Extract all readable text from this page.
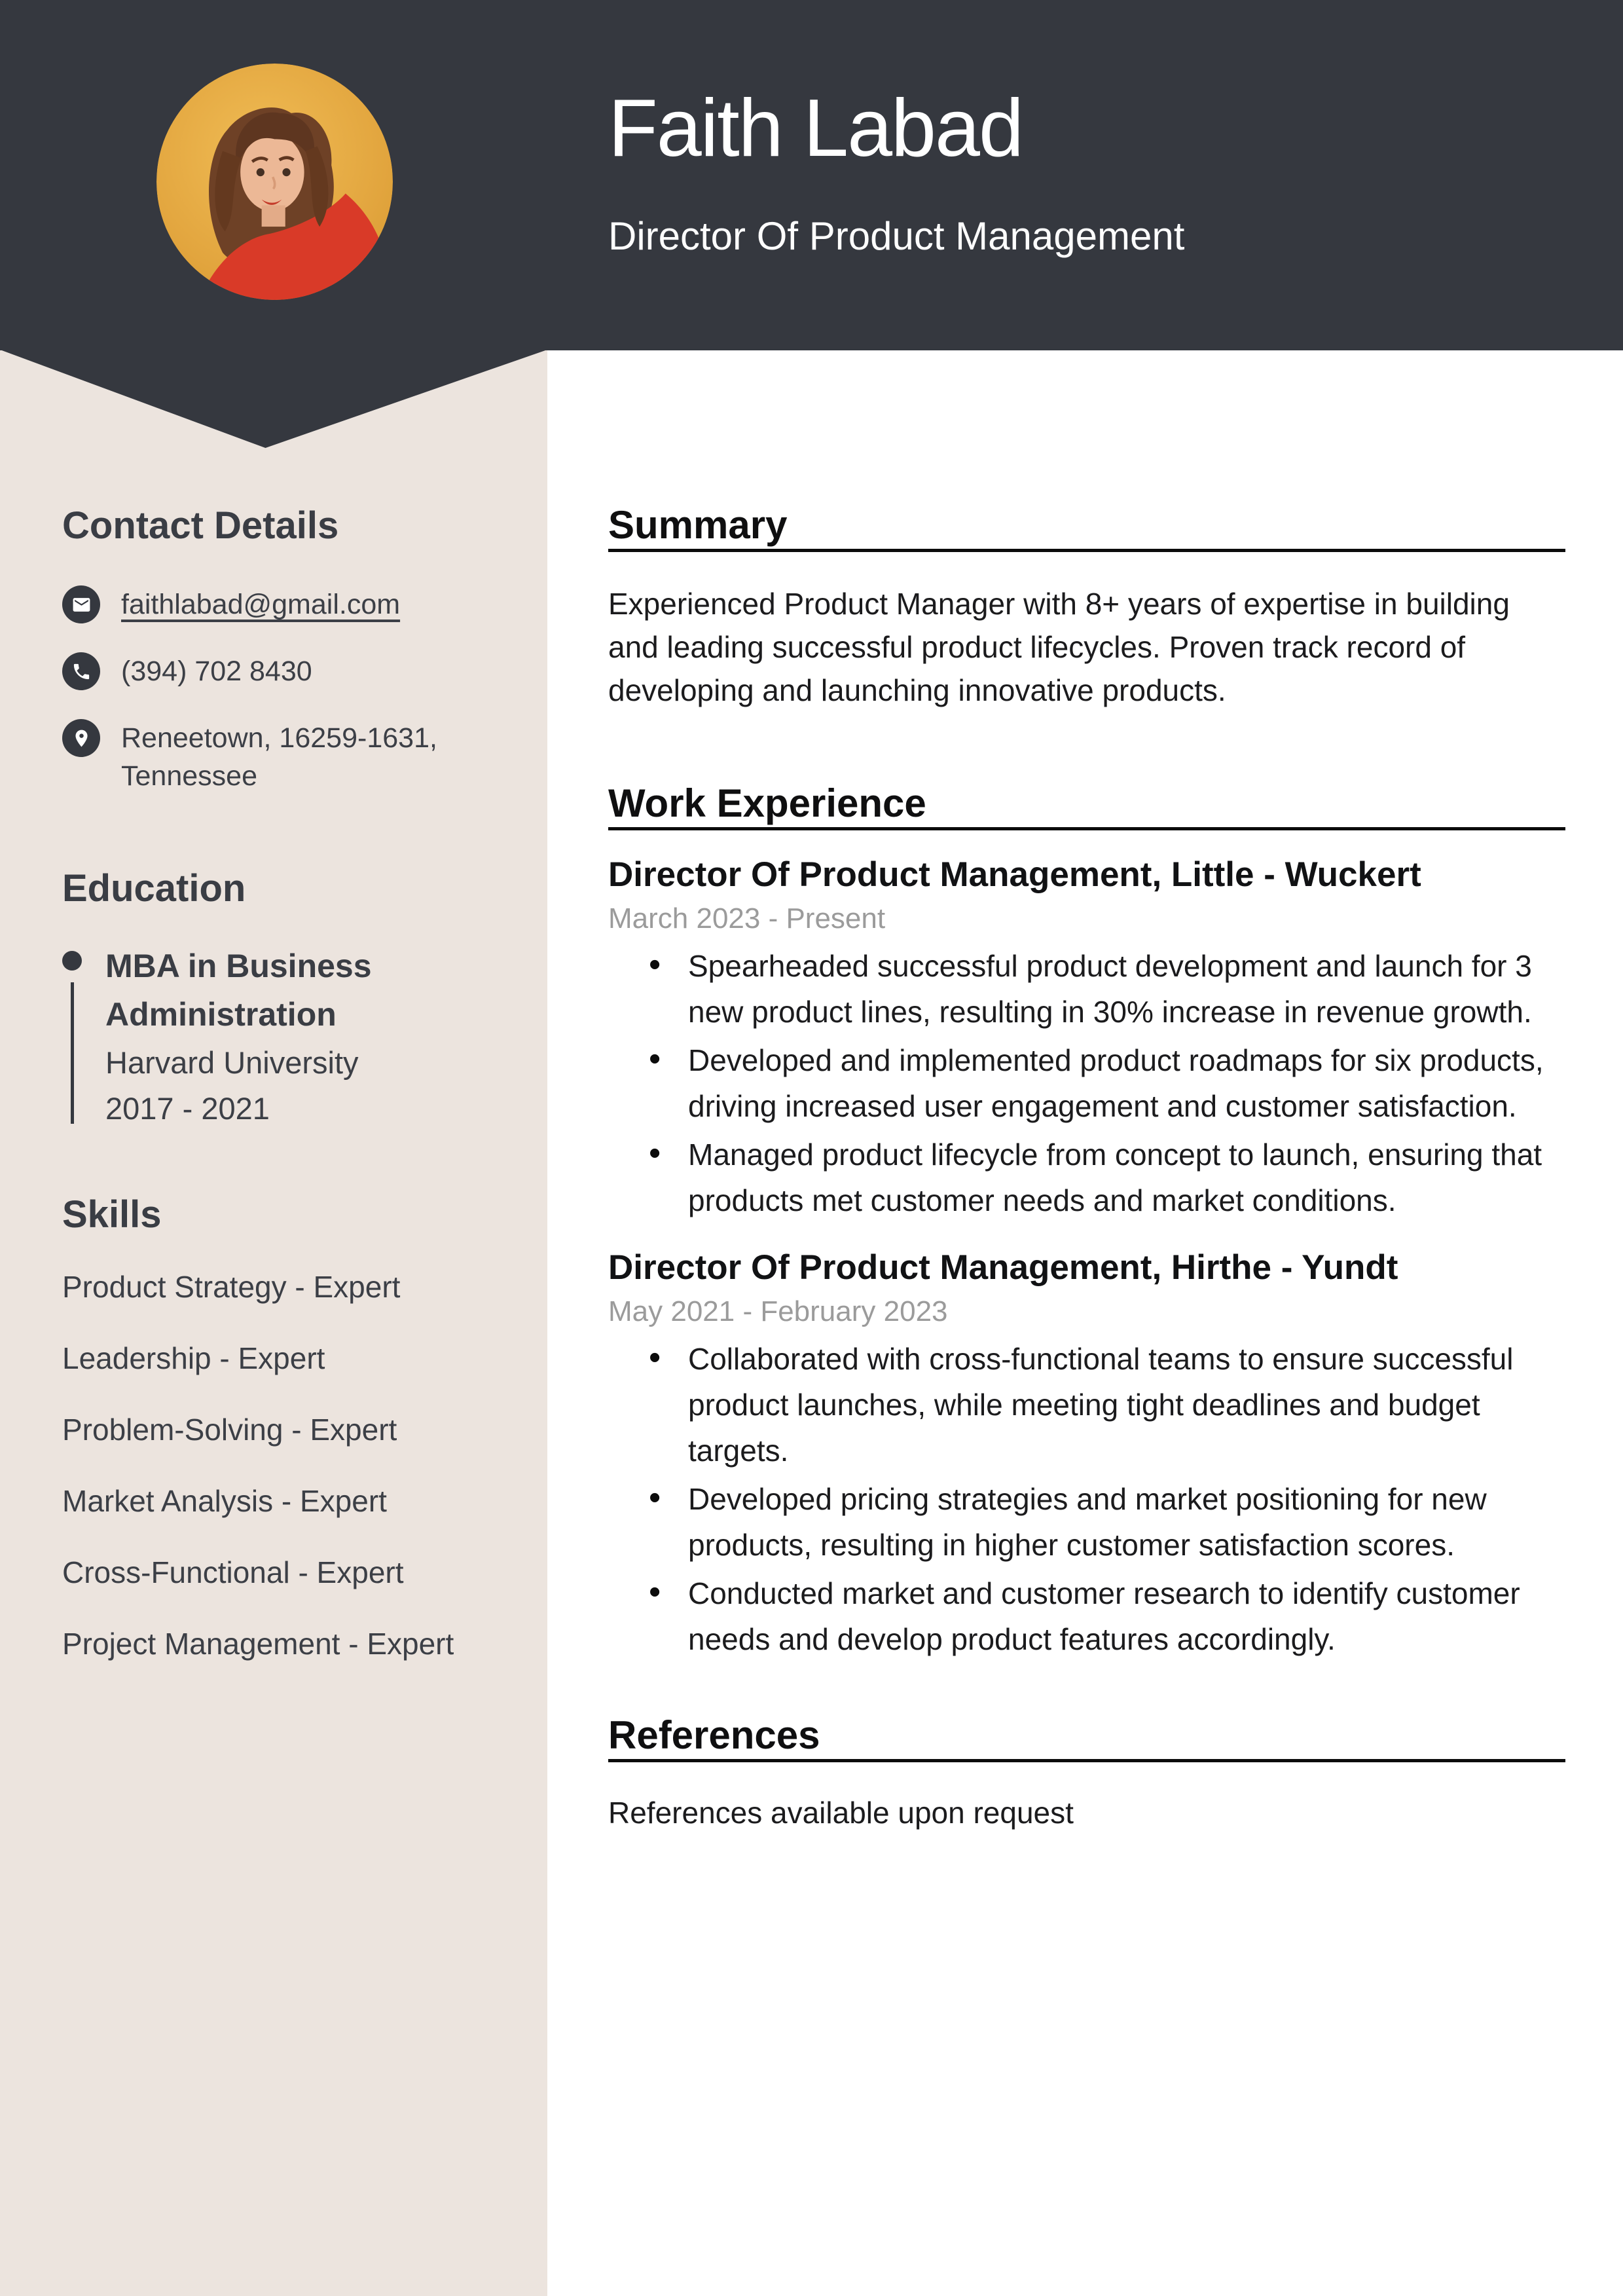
Faith Labad
Director Of Product Management
Contact Details
faithlabad@gmail.com
(394) 702 8430
Reneetown, 16259-1631, Tennessee
Education
MBA in Business Administration
Harvard University
2017 - 2021
Skills
Product Strategy - Expert
Leadership - Expert
Problem-Solving - Expert
Market Analysis - Expert
Cross-Functional - Expert
Project Management - Expert
Summary

Experienced Product Manager with 8+ years of expertise in building and leading successful product lifecycles. Proven track record of developing and launching innovative products.

Work Experience
Director Of Product Management, Little - Wuckert
March 2023 - Present
• Spearheaded successful product development and launch for 3 new product lines, resulting in 30% increase in revenue growth.
• Developed and implemented product roadmaps for six products, driving increased user engagement and customer satisfaction.
• Managed product lifecycle from concept to launch, ensuring that products met customer needs and market conditions.
Director Of Product Management, Hirthe - Yundt
May 2021 - February 2023
• Collaborated with cross-functional teams to ensure successful product launches, while meeting tight deadlines and budget targets.
• Developed pricing strategies and market positioning for new products, resulting in higher customer satisfaction scores.
• Conducted market and customer research to identify customer needs and develop product features accordingly.
References

References available upon request
